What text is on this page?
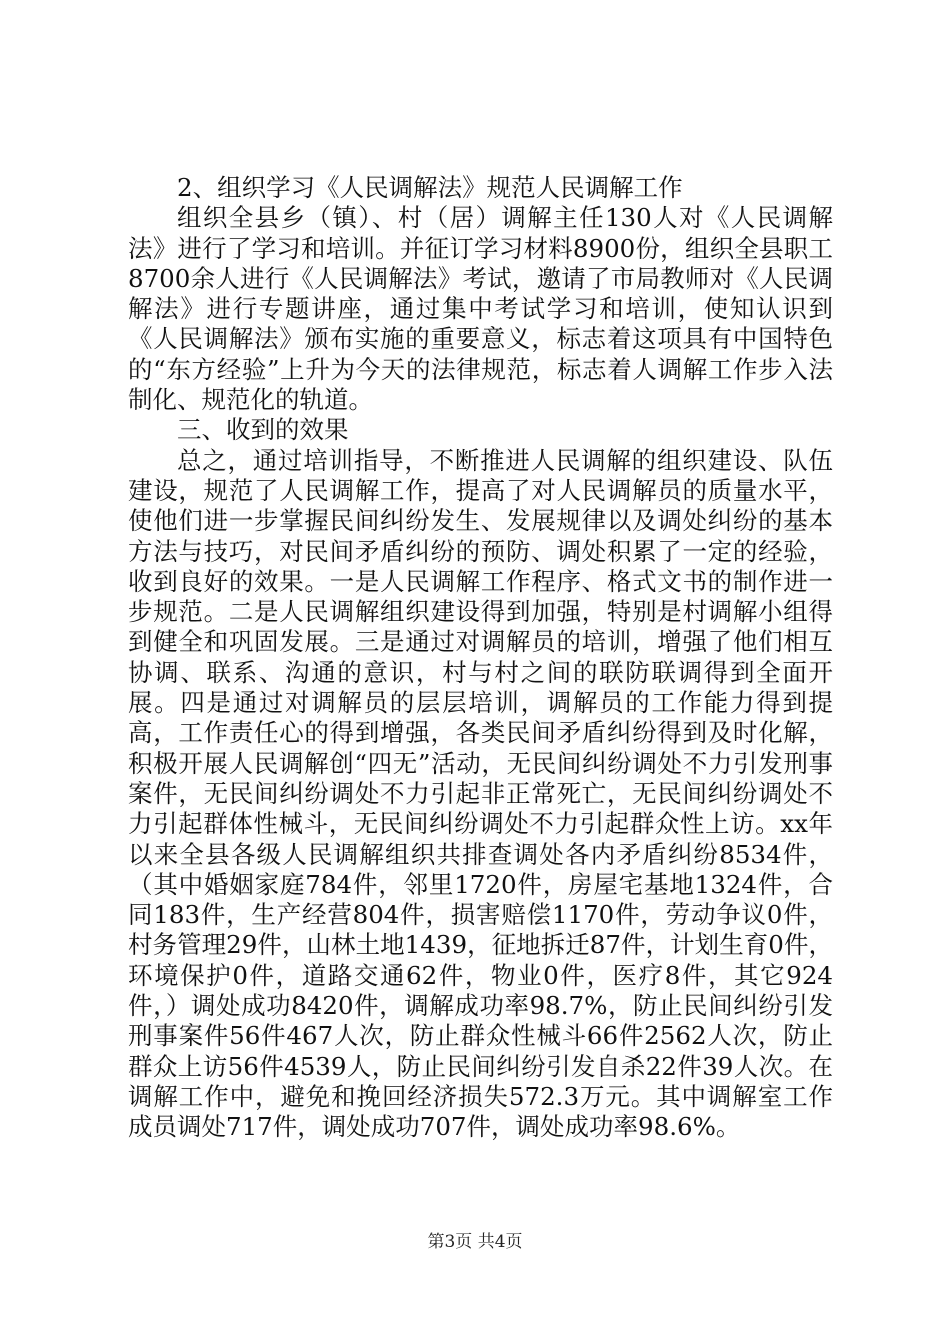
2、组织学习《人民调解法》规范人民调解工作

组织全县乡（镇）、村（居）调解主任130人对《人民调解法》进行了学习和培训。并征订学习材料8900份，组织全县职工8700余人进行《人民调解法》考试，邀请了市局教师对《人民调解法》进行专题讲座，通过集中考试学习和培训，使知认识到《人民调解法》颁布实施的重要意义，标志着这项具有中国特色的“东方经验”上升为今天的法律规范，标志着人调解工作步入法制化、规范化的轨道。

三、收到的效果

总之，通过培训指导，不断推进人民调解的组织建设、队伍建设，规范了人民调解工作，提高了对人民调解员的质量水平，使他们进一步掌握民间纠纷发生、发展规律以及调处纠纷的基本方法与技巧，对民间矛盾纠纷的预防、调处积累了一定的经验，收到良好的效果。一是人民调解工作程序、格式文书的制作进一步规范。二是人民调解组织建设得到加强，特别是村调解小组得到健全和巩固发展。三是通过对调解员的培训，增强了他们相互协调、联系、沟通的意识，村与村之间的联防联调得到全面开展。四是通过对调解员的层层培训，调解员的工作能力得到提高，工作责任心的得到增强，各类民间矛盾纠纷得到及时化解，积极开展人民调解创“四无”活动，无民间纠纷调处不力引发刑事案件，无民间纠纷调处不力引起非正常死亡，无民间纠纷调处不力引起群体性械斗，无民间纠纷调处不力引起群众性上访。xx年以来全县各级人民调解组织共排查调处各内矛盾纠纷8534件，（其中婚姻家庭784件，邻里1720件，房屋宅基地1324件，合同183件，生产经营804件，损害赔偿1170件，劳动争议0件，村务管理29件，山林土地1439，征地拆迁87件，计划生育0件，环境保护0件，道路交通62件，物业0件，医疗8件，其它924件，）调处成功8420件，调解成功率98.7%，防止民间纠纷引发刑事案件56件467人次，防止群众性械斗66件2562人次，防止群众上访56件4539人，防止民间纠纷引发自杀22件39人次。在调解工作中，避免和挽回经济损失572.3万元。其中调解室工作成员调处717件，调处成功707件，调处成功率98.6%。

第3页 共4页
